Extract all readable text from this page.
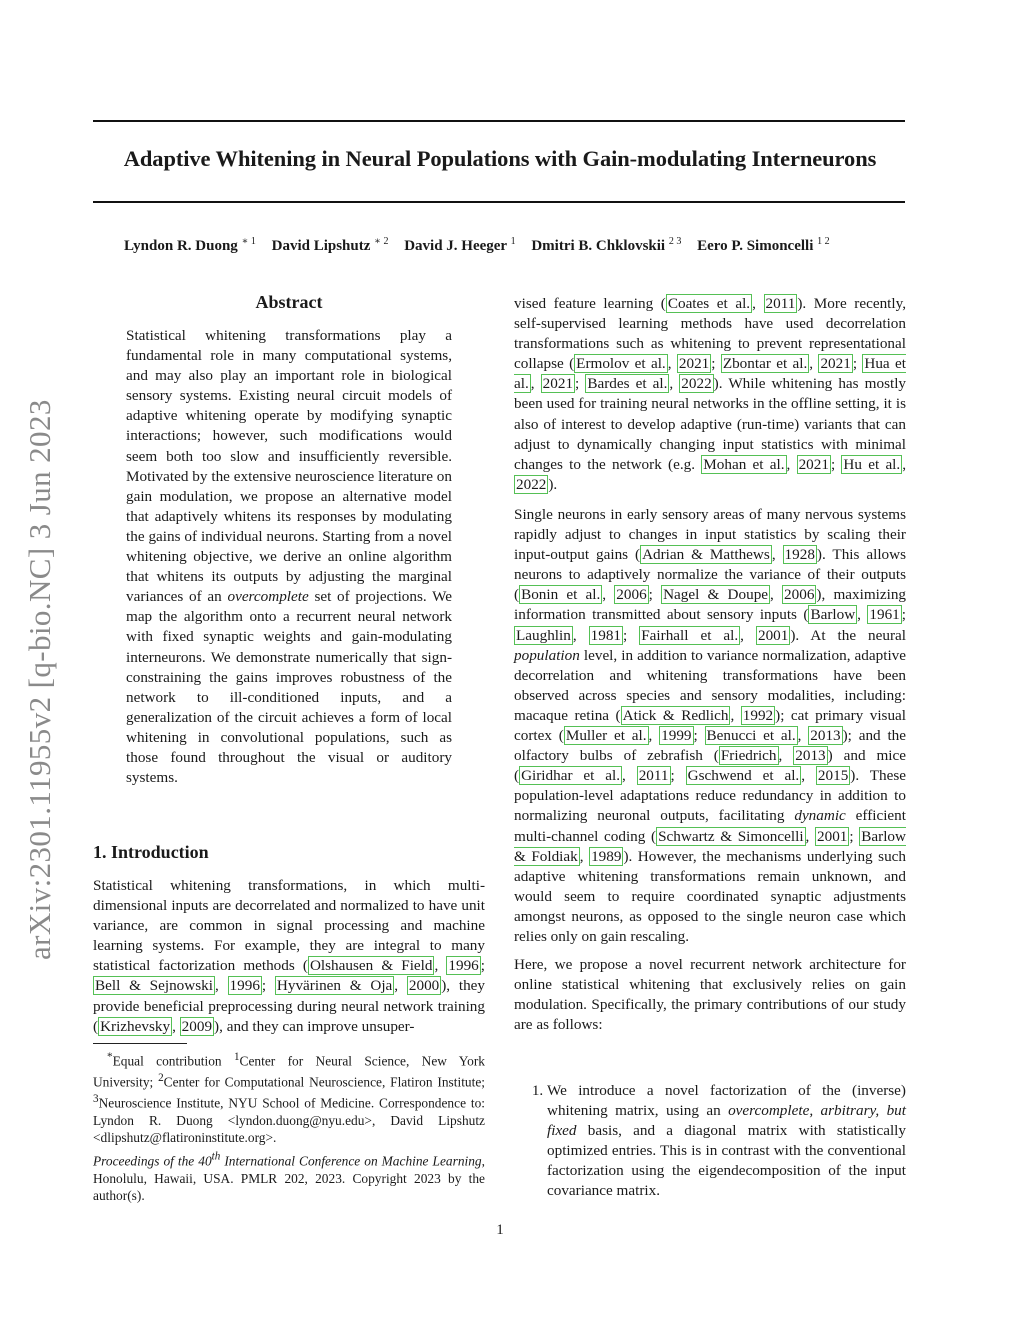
Adaptive Whitening in Neural Populations with Gain-modulating Interneurons
Lyndon R. Duong $^{∗ 1}$ David Lipshutz $^{∗ 2}$ David J. Heeger $^1$ Dmitri B. Chklovskii $^{2 3}$ Eero P. Simoncelli $^{1 2}$
arXiv:2301.11955v2 [q-bio.NC] 3 Jun 2023
Abstract

Statistical whitening transformations play a fundamental role in many computational systems, and may also play an important role in biological sensory systems. Existing neural circuit models of adaptive whitening operate by modifying synaptic interactions; however, such modifications would seem both too slow and insufficiently reversible. Motivated by the extensive neuroscience literature on gain modulation, we propose an alternative model that adaptively whitens its responses by modulating the gains of individual neurons. Starting from a novel whitening objective, we derive an online algorithm that whitens its outputs by adjusting the marginal variances of an overcomplete set of projections. We map the algorithm onto a recurrent neural network with fixed synaptic weights and gain-modulating interneurons. We demonstrate numerically that sign-constraining the gains improves robustness of the network to ill-conditioned inputs, and a generalization of the circuit achieves a form of local whitening in convolutional populations, such as those found throughout the visual or auditory systems.

1. Introduction

Statistical whitening transformations, in which multi-dimensional inputs are decorrelated and normalized to have unit variance, are common in signal processing and machine learning systems. For example, they are integral to many statistical factorization methods ( Olshausen & Field , 1996 ; Bell & Sejnowski , 1996 ; Hyvärinen & Oja , 2000 ), they provide beneficial preprocessing during neural network training ( Krizhevsky , 2009 ), and they can improve unsuper-

*Equal contribution $^1$Center for Neural Science, New York University; $^2$Center for Computational Neuroscience, Flatiron Institute; $^3$Neuroscience Institute, NYU School of Medicine. Correspondence to: Lyndon R. Duong <lyndon.duong@nyu.edu>, David Lipshutz <dlipshutz@flatironinstitute.org>.

Proceedings of the 40th International Conference on Machine Learning, Honolulu, Hawaii, USA. PMLR 202, 2023. Copyright 2023 by the author(s).

vised feature learning ( Coates et al. , 2011 ). More recently, self-supervised learning methods have used decorrelation transformations such as whitening to prevent representational collapse ( Ermolov et al. , 2021 ; Zbontar et al. , 2021 ; Hua et al. , 2021 ; Bardes et al. , 2022 ). While whitening has mostly been used for training neural networks in the offline setting, it is also of interest to develop adaptive (run-time) variants that can adjust to dynamically changing input statistics with minimal changes to the network (e.g. Mohan et al. , 2021 ; Hu et al. , 2022 ).

Single neurons in early sensory areas of many nervous systems rapidly adjust to changes in input statistics by scaling their input-output gains ( Adrian & Matthews , 1928 ). This allows neurons to adaptively normalize the variance of their outputs ( Bonin et al. , 2006 ; Nagel & Doupe , 2006 ), maximizing information transmitted about sensory inputs ( Barlow , 1961 ; Laughlin , 1981 ; Fairhall et al. , 2001 ). At the neural population level, in addition to variance normalization, adaptive decorrelation and whitening transformations have been observed across species and sensory modalities, including: macaque retina ( Atick & Redlich , 1992 ); cat primary visual cortex ( Muller et al. , 1999 ; Benucci et al. , 2013 ); and the olfactory bulbs of zebrafish ( Friedrich , 2013 ) and mice ( Giridhar et al. , 2011 ; Gschwend et al. , 2015 ). These population-level adaptations reduce redundancy in addition to normalizing neuronal outputs, facilitating dynamic efficient multi-channel coding ( Schwartz & Simoncelli , 2001 ; Barlow & Foldiak , 1989 ). However, the mechanisms underlying such adaptive whitening transformations remain unknown, and would seem to require coordinated synaptic adjustments amongst neurons, as opposed to the single neuron case which relies only on gain rescaling.

Here, we propose a novel recurrent network architecture for online statistical whitening that exclusively relies on gain modulation. Specifically, the primary contributions of our study are as follows:

1. We introduce a novel factorization of the (inverse) whitening matrix, using an overcomplete, arbitrary, but fixed basis, and a diagonal matrix with statistically optimized entries. This is in contrast with the conventional factorization using the eigendecomposition of the input covariance matrix.
1
